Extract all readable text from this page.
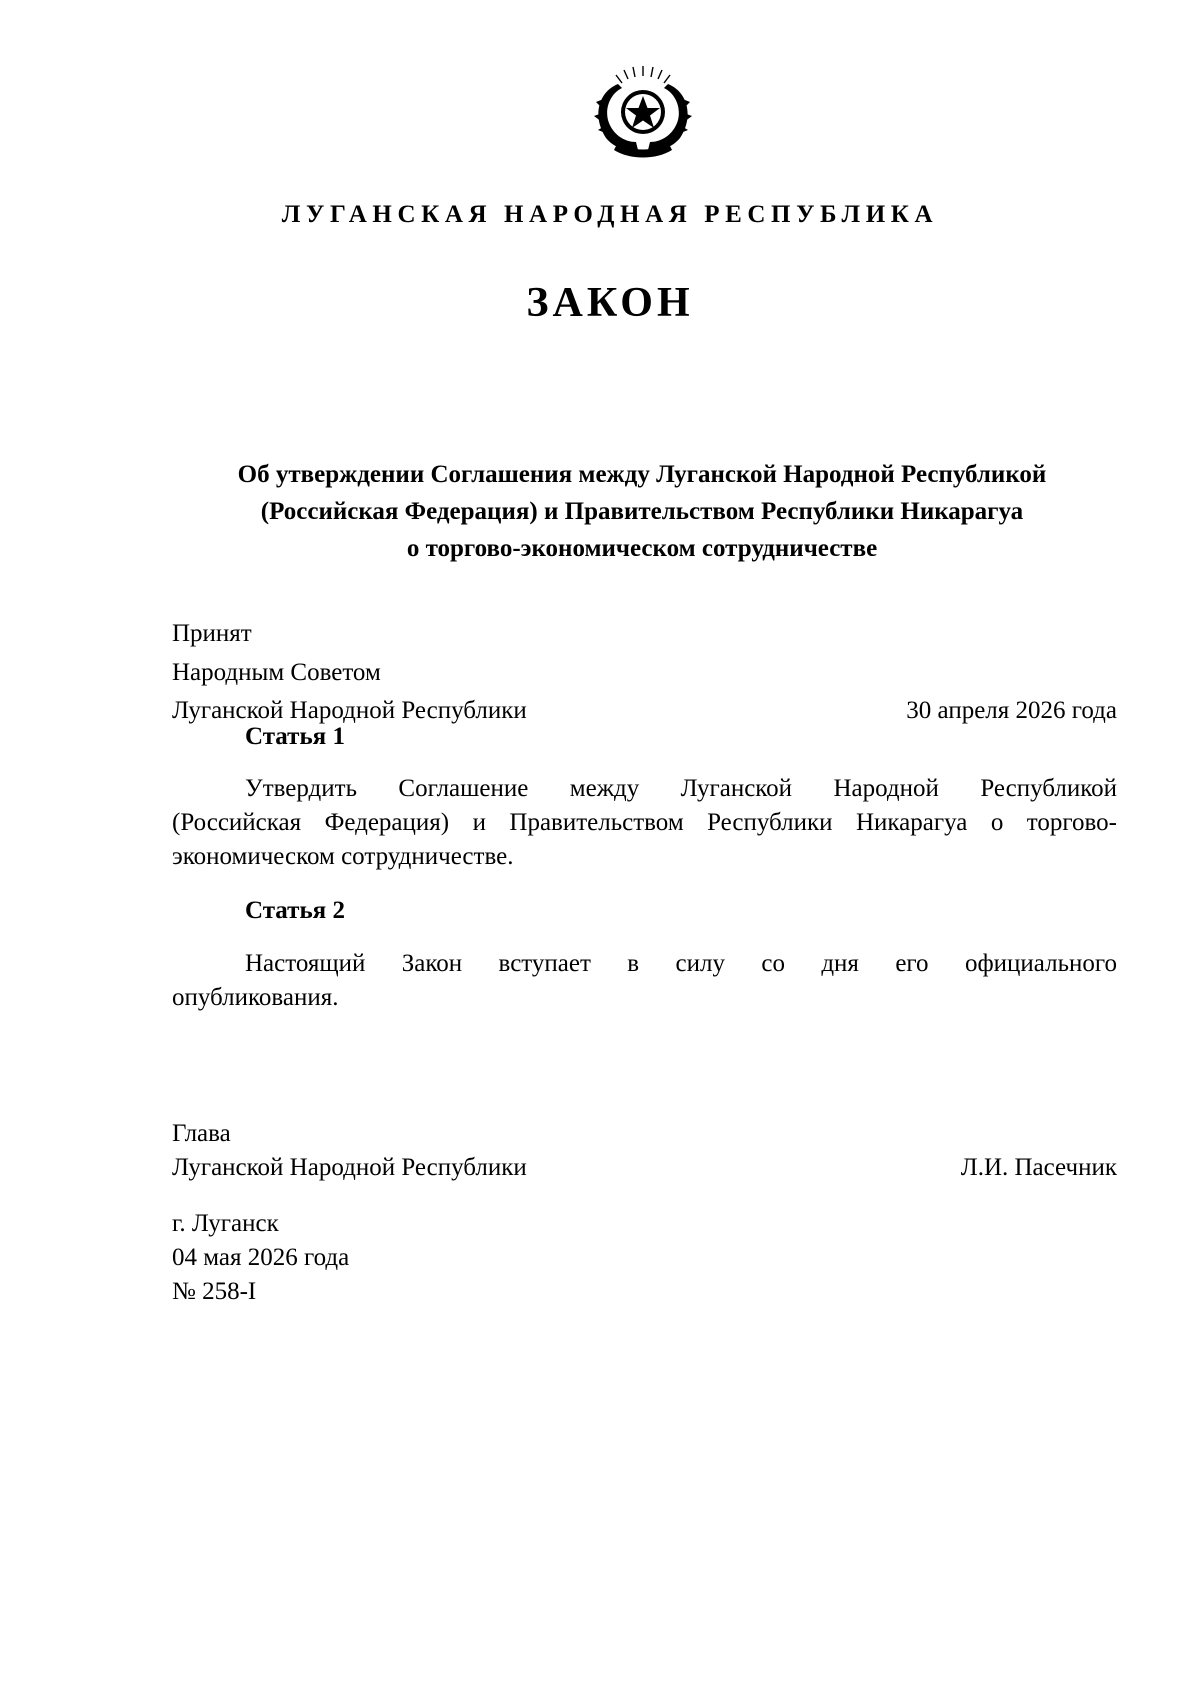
ЛУГАНСКАЯ НАРОДНАЯ РЕСПУБЛИКА
ЗАКОН
Об утверждении Соглашения между Луганской Народной Республикой
(Российская Федерация) и Правительством Республики Никарагуа
о торгово-экономическом сотрудничестве
Принят
Народным Советом
Луганской Народной Республики	30 апреля 2026 года
Статья 1
Утвердить Соглашение между Луганской Народной Республикой
(Российская Федерация) и Правительством Республики Никарагуа о торгово-
экономическом сотрудничестве.
Статья 2
Настоящий Закон вступает в силу со дня его официального
опубликования.
Глава
Луганской Народной Республики	Л.И. Пасечник
г. Луганск
04 мая 2026 года
№ 258-I
